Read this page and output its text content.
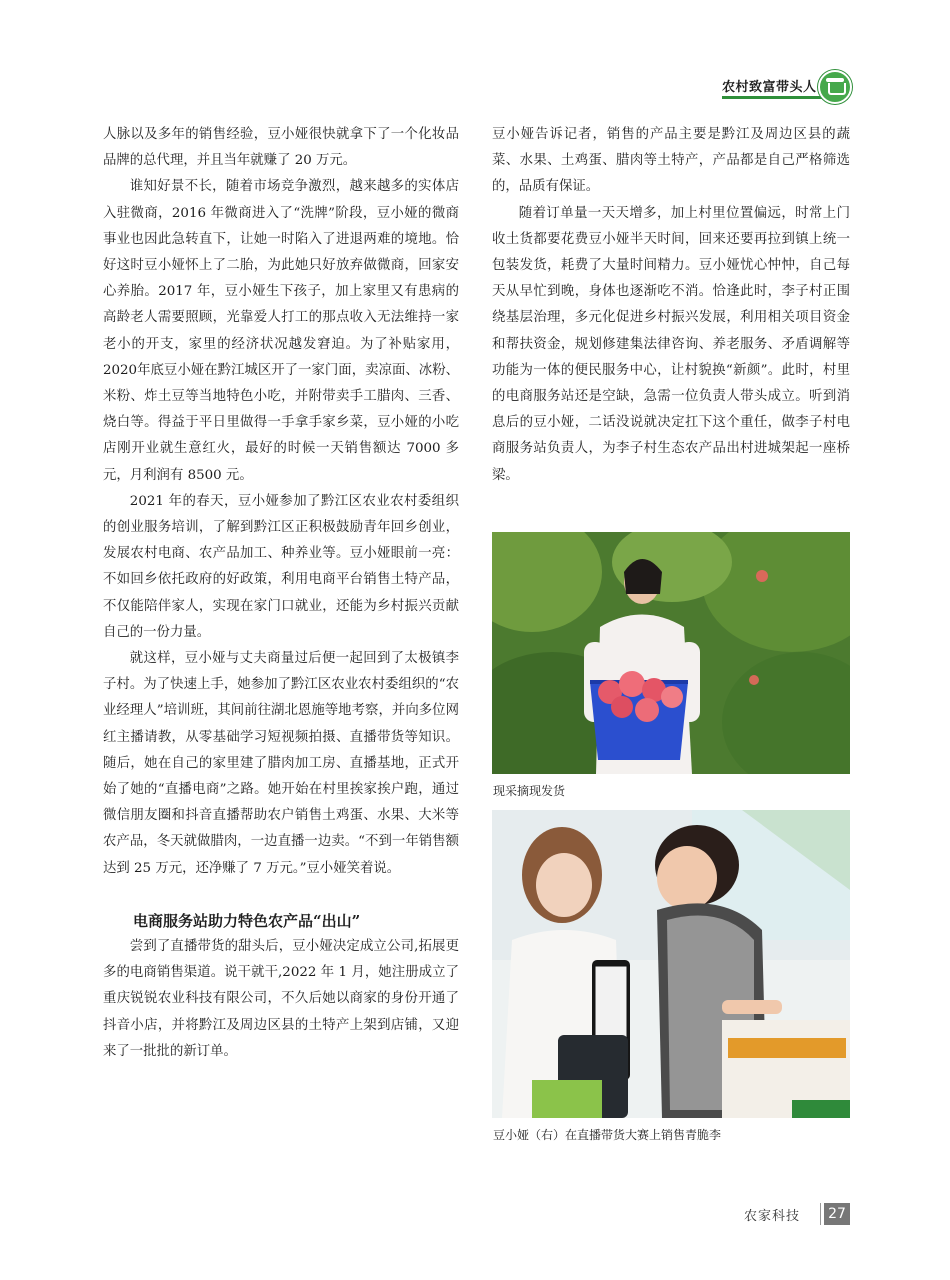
农村致富带头人

人脉以及多年的销售经验，豆小娅很快就拿下了一个化妆品品牌的总代理，并且当年就赚了 20 万元。

谁知好景不长，随着市场竞争激烈，越来越多的实体店入驻微商，2016 年微商进入了“洗牌”阶段，豆小娅的微商事业也因此急转直下，让她一时陷入了进退两难的境地。恰好这时豆小娅怀上了二胎，为此她只好放弃做微商，回家安心养胎。2017 年，豆小娅生下孩子，加上家里又有患病的高龄老人需要照顾，光靠爱人打工的那点收入无法维持一家老小的开支，家里的经济状况越发窘迫。为了补贴家用，2020年底豆小娅在黔江城区开了一家门面，卖凉面、冰粉、米粉、炸土豆等当地特色小吃，并附带卖手工腊肉、三香、烧白等。得益于平日里做得一手拿手家乡菜，豆小娅的小吃店刚开业就生意红火，最好的时候一天销售额达 7000 多元，月利润有 8500 元。

2021 年的春天，豆小娅参加了黔江区农业农村委组织的创业服务培训，了解到黔江区正积极鼓励青年回乡创业，发展农村电商、农产品加工、种养业等。豆小娅眼前一亮：不如回乡依托政府的好政策，利用电商平台销售土特产品，不仅能陪伴家人，实现在家门口就业，还能为乡村振兴贡献自己的一份力量。

就这样，豆小娅与丈夫商量过后便一起回到了太极镇李子村。为了快速上手，她参加了黔江区农业农村委组织的“农业经理人”培训班，其间前往湖北恩施等地考察，并向多位网红主播请教，从零基础学习短视频拍摄、直播带货等知识。随后，她在自己的家里建了腊肉加工房、直播基地，正式开始了她的“直播电商”之路。她开始在村里挨家挨户跑，通过微信朋友圈和抖音直播帮助农户销售土鸡蛋、水果、大米等农产品，冬天就做腊肉，一边直播一边卖。“不到一年销售额达到 25 万元，还净赚了 7 万元。”豆小娅笑着说。

电商服务站助力特色农产品“出山”

尝到了直播带货的甜头后，豆小娅决定成立公司,拓展更多的电商销售渠道。说干就干,2022 年 1 月，她注册成立了重庆锐锐农业科技有限公司，不久后她以商家的身份开通了抖音小店，并将黔江及周边区县的土特产上架到店铺，又迎来了一批批的新订单。

豆小娅告诉记者，销售的产品主要是黔江及周边区县的蔬菜、水果、土鸡蛋、腊肉等土特产，产品都是自己严格筛选的，品质有保证。

随着订单量一天天增多，加上村里位置偏远，时常上门收土货都要花费豆小娅半天时间，回来还要再拉到镇上统一包装发货，耗费了大量时间精力。豆小娅忧心忡忡，自己每天从早忙到晚，身体也逐渐吃不消。恰逢此时，李子村正围绕基层治理，多元化促进乡村振兴发展，利用相关项目资金和帮扶资金，规划修建集法律咨询、养老服务、矛盾调解等功能为一体的便民服务中心，让村貌换“新颜”。此时，村里的电商服务站还是空缺，急需一位负责人带头成立。听到消息后的豆小娅，二话没说就决定扛下这个重任，做李子村电商服务站负责人，为李子村生态农产品出村进城架起一座桥梁。

现采摘现发货
豆小娅（右）在直播带货大赛上销售青脆李
农家科技 27
